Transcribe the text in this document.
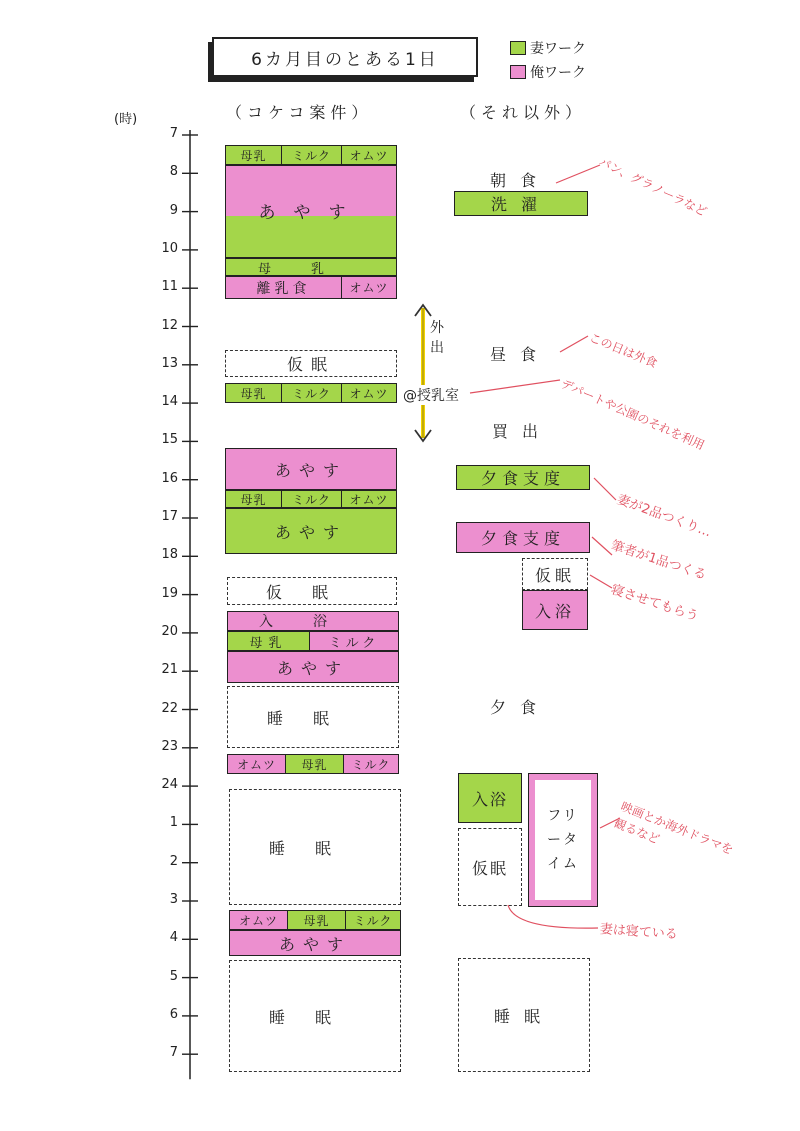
6カ月目のとある1日
妻ワーク
俺ワーク
（コケコ案件）	（それ以外）
(時)
7
8
9
10
11
12
13
14
15
16
17
18
19
20
21
22
23
24
1
2
3
4
5
6
7
母乳	ミルク	オムツ
あやす
母乳
離乳食	オムツ
仮眠
母乳	ミルク	オムツ
あやす
母乳	ミルク	オムツ
あやす
仮眠
入浴
母乳	ミルク
あやす
睡眠
オムツ	母乳	ミルク
睡眠
オムツ	母乳	ミルク
あやす
睡眠
外出
@授乳室
朝食
洗濯
昼食
買出
夕食支度
夕食支度
仮眠
入浴
夕食
入浴
フリータイム
仮眠
睡眠
パン、グラノーラなど
この日は外食
デパートや公園のそれを利用
妻が2品つくり…
筆者が1品つくる
寝させてもらう
映画とか海外ドラマを観るなど
妻は寝ている
